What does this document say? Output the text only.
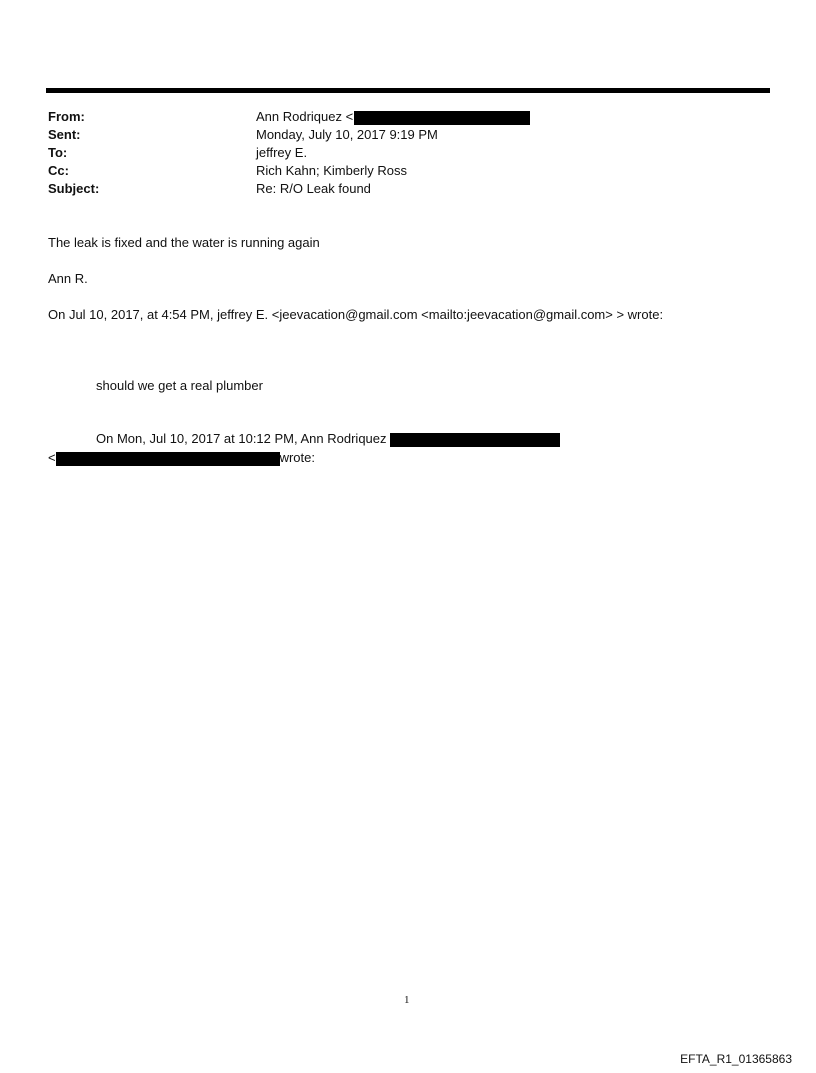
From:	Ann Rodriquez <
Sent:	Monday, July 10, 2017 9:19 PM
To:	jeffrey E.
Cc:	Rich Kahn; Kimberly Ross
Subject:	Re: R/O Leak found
The leak is fixed and the water is running again
Ann R.
On Jul 10, 2017, at 4:54 PM, jeffrey E. <jeevacation@gmail.com <mailto:jeevacation@gmail.com> > wrote:
should we get a real plumber
On Mon, Jul 10, 2017 at 10:12 PM, Ann Rodriquez
<	wrote:
1
EFTA_R1_01365863
